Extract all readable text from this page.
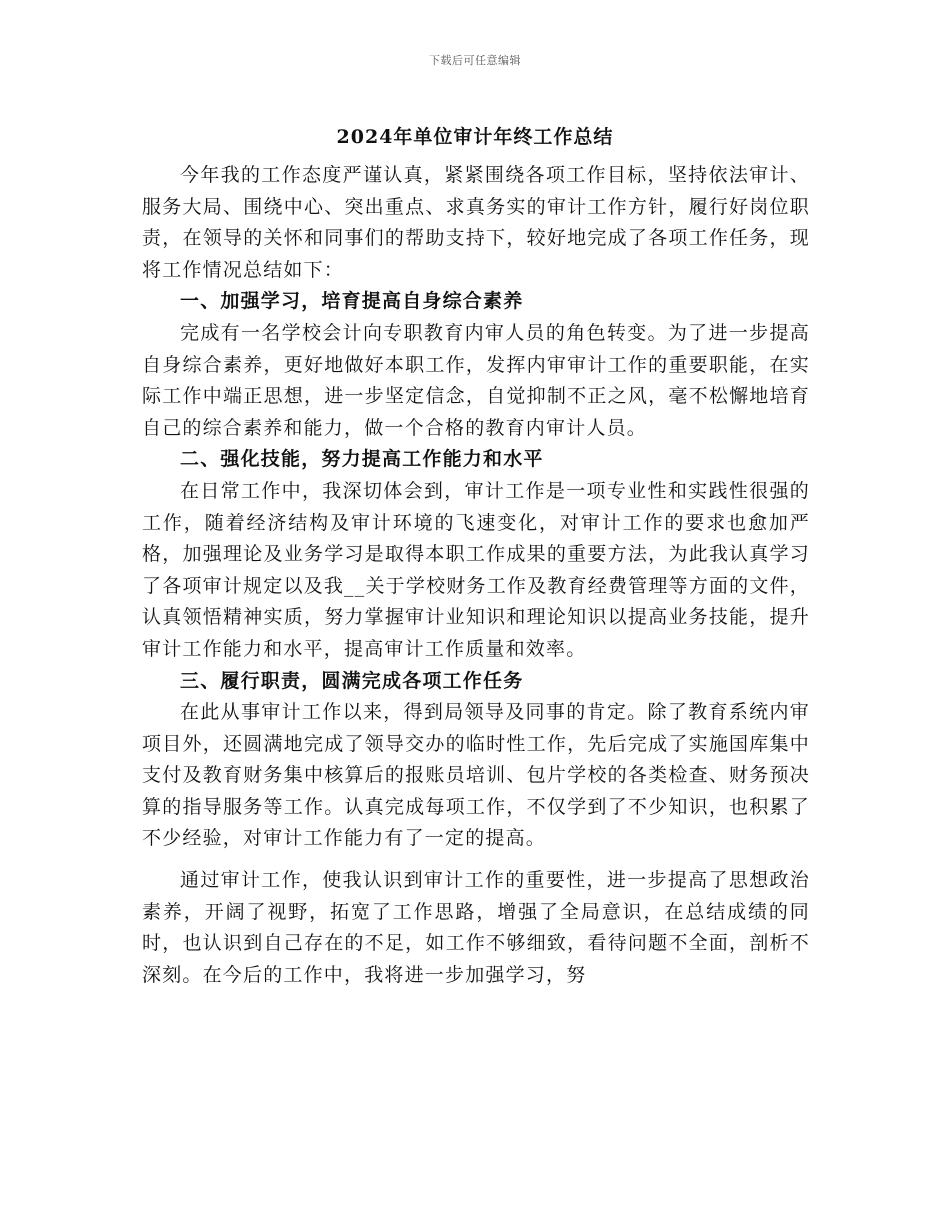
下载后可任意编辑
2024年单位审计年终工作总结

今年我的工作态度严谨认真，紧紧围绕各项工作目标，坚持依法审计、服务大局、围绕中心、突出重点、求真务实的审计工作方针，履行好岗位职责，在领导的关怀和同事们的帮助支持下，较好地完成了各项工作任务，现将工作情况总结如下：

一、加强学习，培育提高自身综合素养

完成有一名学校会计向专职教育内审人员的角色转变。为了进一步提高自身综合素养，更好地做好本职工作，发挥内审审计工作的重要职能，在实际工作中端正思想，进一步坚定信念，自觉抑制不正之风，毫不松懈地培育自己的综合素养和能力，做一个合格的教育内审计人员。

二、强化技能，努力提高工作能力和水平

在日常工作中，我深切体会到，审计工作是一项专业性和实践性很强的工作，随着经济结构及审计环境的飞速变化，对审计工作的要求也愈加严格，加强理论及业务学习是取得本职工作成果的重要方法，为此我认真学习了各项审计规定以及我__关于学校财务工作及教育经费管理等方面的文件，认真领悟精神实质，努力掌握审计业知识和理论知识以提高业务技能，提升审计工作能力和水平，提高审计工作质量和效率。

三、履行职责，圆满完成各项工作任务

在此从事审计工作以来，得到局领导及同事的肯定。除了教育系统内审项目外，还圆满地完成了领导交办的临时性工作，先后完成了实施国库集中支付及教育财务集中核算后的报账员培训、包片学校的各类检查、财务预决算的指导服务等工作。认真完成每项工作，不仅学到了不少知识，也积累了不少经验，对审计工作能力有了一定的提高。

通过审计工作，使我认识到审计工作的重要性，进一步提高了思想政治素养，开阔了视野，拓宽了工作思路，增强了全局意识，在总结成绩的同时，也认识到自己存在的不足，如工作不够细致，看待问题不全面，剖析不深刻。在今后的工作中，我将进一步加强学习，努
